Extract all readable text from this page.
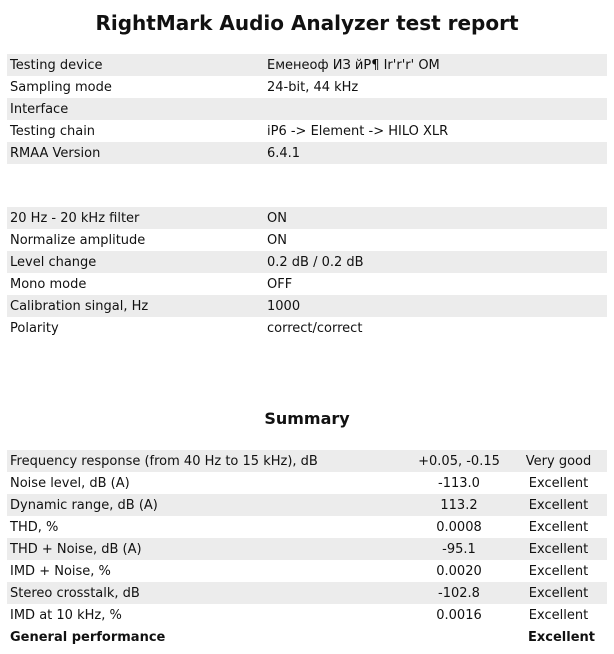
RightMark Audio Analyzer test report
Testing device	Еменеоф ИЗ йР¶ Ir'r'r' OM
Sampling mode	24-bit, 44 kHz
Interface	
Testing chain	iP6 -> Element -> HILO XLR
RMAA Version	6.4.1
20 Hz - 20 kHz filter	ON
Normalize amplitude	ON
Level change	0.2 dB / 0.2 dB
Mono mode	OFF
Calibration singal, Hz	1000
Polarity	correct/correct
Summary
Frequency response (from 40 Hz to 15 kHz), dB	+0.05, -0.15	Very good
Noise level, dB (A)	-113.0	Excellent
Dynamic range, dB (A)	113.2	Excellent
THD, %	0.0008	Excellent
THD + Noise, dB (A)	-95.1	Excellent
IMD + Noise, %	0.0020	Excellent
Stereo crosstalk, dB	-102.8	Excellent
IMD at 10 kHz, %	0.0016	Excellent
General performance		Excellent
